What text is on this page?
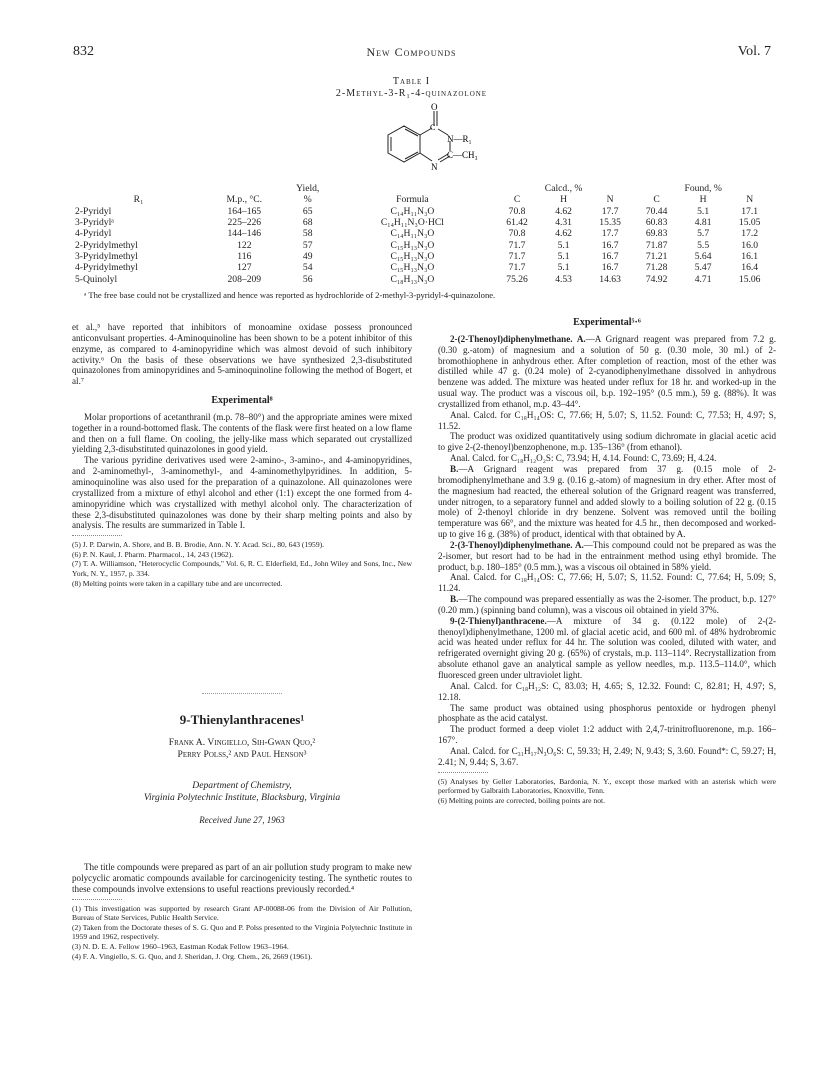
832	New Compounds	Vol. 7
Table I
2-Methyl-3-R₁-4-quinazolone
O
C
N—R₁
C—CH₃
N
		Yield,		Calcd., %			Found, %		
R₁	M.p., °C.	%	Formula	C	H	N	C	H	N
2-Pyridyl	164–165	65	C₁₄H₁₁N₃O	70.8	4.62	17.7	70.44	5.1	17.1
3-Pyridylᵃ	225–226	68	C₁₄H₁₁N₃O·HCl	61.42	4.31	15.35	60.83	4.81	15.05
4-Pyridyl	144–146	58	C₁₄H₁₁N₃O	70.8	4.62	17.7	69.83	5.7	17.2
2-Pyridylmethyl	122	57	C₁₅H₁₃N₃O	71.7	5.1	16.7	71.87	5.5	16.0
3-Pyridylmethyl	116	49	C₁₅H₁₃N₃O	71.7	5.1	16.7	71.21	5.64	16.1
4-Pyridylmethyl	127	54	C₁₅H₁₃N₃O	71.7	5.1	16.7	71.28	5.47	16.4
5-Quinolyl	208–209	56	C₁₈H₁₃N₃O	75.26	4.53	14.63	74.92	4.71	15.06
ᵃ The free base could not be crystallized and hence was reported as hydrochloride of 2-methyl-3-pyridyl-4-quinazolone.

et al.,⁵ have reported that inhibitors of monoamine oxidase possess pronounced anticonvulsant properties. 4-Aminoquinoline has been shown to be a potent inhibitor of this enzyme, as compared to 4-aminopyridine which was almost devoid of such inhibitory activity.⁶ On the basis of these observations we have synthesized 2,3-disubstituted quinazolones from aminopyridines and 5-aminoquinoline following the method of Bogert, et al.⁷

Experimental⁸

Molar proportions of acetanthranil (m.p. 78–80°) and the appropriate amines were mixed together in a round-bottomed flask. The contents of the flask were first heated on a low flame and then on a full flame. On cooling, the jelly-like mass which separated out crystallized yielding 2,3-disubstituted quinazolones in good yield.

The various pyridine derivatives used were 2-amino-, 3-amino-, and 4-aminopyridines, and 2-aminomethyl-, 3-aminomethyl-, and 4-aminomethylpyridines. In addition, 5-aminoquinoline was also used for the preparation of a quinazolone. All quinazolones were crystallized from a mixture of ethyl alcohol and ether (1:1) except the one formed from 4-aminopyridine which was crystallized with methyl alcohol only. The characterization of these 2,3-disubstituted quinazolones was done by their sharp melting points and also by analysis. The results are summarized in Table I.

(5) J. P. Darwin, A. Shore, and B. B. Brodie, Ann. N. Y. Acad. Sci., 80, 643 (1959).

(6) P. N. Kaul, J. Pharm. Pharmacol., 14, 243 (1962).

(7) T. A. Williamson, "Heterocyclic Compounds," Vol. 6, R. C. Elderfield, Ed., John Wiley and Sons, Inc., New York, N. Y., 1957, p. 334.

(8) Melting points were taken in a capillary tube and are uncorrected.

9-Thienylanthracenes¹
Frank A. Vingiello, Sih-Gwan Quo,²
Perry Polss,² and Paul Henson³
Department of Chemistry,
Virginia Polytechnic Institute, Blacksburg, Virginia
Received June 27, 1963

The title compounds were prepared as part of an air pollution study program to make new polycyclic aromatic compounds available for carcinogenicity testing. The synthetic routes to these compounds involve extensions to useful reactions previously recorded.⁴

(1) This investigation was supported by research Grant AP-00088-06 from the Division of Air Pollution, Bureau of State Services, Public Health Service.

(2) Taken from the Doctorate theses of S. G. Quo and P. Polss presented to the Virginia Polytechnic Institute in 1959 and 1962, respectively.

(3) N. D. E. A. Fellow 1960–1963, Eastman Kodak Fellow 1963–1964.

(4) F. A. Vingiello, S. G. Quo, and J. Sheridan, J. Org. Chem., 26, 2669 (1961).

Experimental⁵·⁶

2-(2-Thenoyl)diphenylmethane. A.—A Grignard reagent was prepared from 7.2 g. (0.30 g.-atom) of magnesium and a solution of 50 g. (0.30 mole, 30 ml.) of 2-bromothiophene in anhydrous ether. After completion of reaction, most of the ether was distilled while 47 g. (0.24 mole) of 2-cyanodiphenylmethane dissolved in anhydrous benzene was added. The mixture was heated under reflux for 18 hr. and worked-up in the usual way. The product was a viscous oil, b.p. 192–195° (0.5 mm.), 59 g. (88%). It was crystallized from ethanol, m.p. 43–44°.

Anal. Calcd. for C₁₈H₁₄OS: C, 77.66; H, 5.07; S, 11.52. Found: C, 77.53; H, 4.97; S, 11.52.

The product was oxidized quantitatively using sodium dichromate in glacial acetic acid to give 2-(2-thenoyl)benzophenone, m.p. 135–136° (from ethanol).

Anal. Calcd. for C₁₈H₁₂O₂S: C, 73.94; H, 4.14. Found: C, 73.69; H, 4.24.

B.—A Grignard reagent was prepared from 37 g. (0.15 mole of 2-bromodiphenylmethane and 3.9 g. (0.16 g.-atom) of magnesium in dry ether. After most of the magnesium had reacted, the ethereal solution of the Grignard reagent was transferred, under nitrogen, to a separatory funnel and added slowly to a boiling solution of 22 g. (0.15 mole) of 2-thenoyl chloride in dry benzene. Solvent was removed until the boiling temperature was 66°, and the mixture was heated for 4.5 hr., then decomposed and worked-up to give 16 g. (38%) of product, identical with that obtained by A.

2-(3-Thenoyl)diphenylmethane. A.—This compound could not be prepared as was the 2-isomer, but resort had to be had in the entrainment method using ethyl bromide. The product, b.p. 180–185° (0.5 mm.), was a viscous oil obtained in 58% yield.

Anal. Calcd. for C₁₈H₁₄OS: C, 77.66; H, 5.07; S, 11.52. Found: C, 77.64; H, 5.09; S, 11.24.

B.—The compound was prepared essentially as was the 2-isomer. The product, b.p. 127° (0.20 mm.) (spinning band column), was a viscous oil obtained in yield 37%.

9-(2-Thienyl)anthracene.—A mixture of 34 g. (0.122 mole) of 2-(2-thenoyl)diphenylmethane, 1200 ml. of glacial acetic acid, and 600 ml. of 48% hydrobromic acid was heated under reflux for 44 hr. The solution was cooled, diluted with water, and refrigerated overnight giving 20 g. (65%) of crystals, m.p. 113–114°. Recrystallization from absolute ethanol gave an analytical sample as yellow needles, m.p. 113.5–114.0°, which fluoresced green under ultraviolet light.

Anal. Calcd. for C₁₈H₁₂S: C, 83.03; H, 4.65; S, 12.32. Found: C, 82.81; H, 4.97; S, 12.18.

The same product was obtained using phosphorus pentoxide or hydrogen phenyl phosphate as the acid catalyst.

The product formed a deep violet 1:2 adduct with 2,4,7-trinitrofluorenone, m.p. 166–167°.

Anal. Calcd. for C₃₁H₁₇N₃O₆S: C, 59.33; H, 2.49; N, 9.43; S, 3.60. Found*: C, 59.27; H, 2.41; N, 9.44; S, 3.67.

(5) Analyses by Geller Laboratories, Bardonia, N. Y., except those marked with an asterisk which were performed by Galbraith Laboratories, Knoxville, Tenn.

(6) Melting points are corrected, boiling points are not.
